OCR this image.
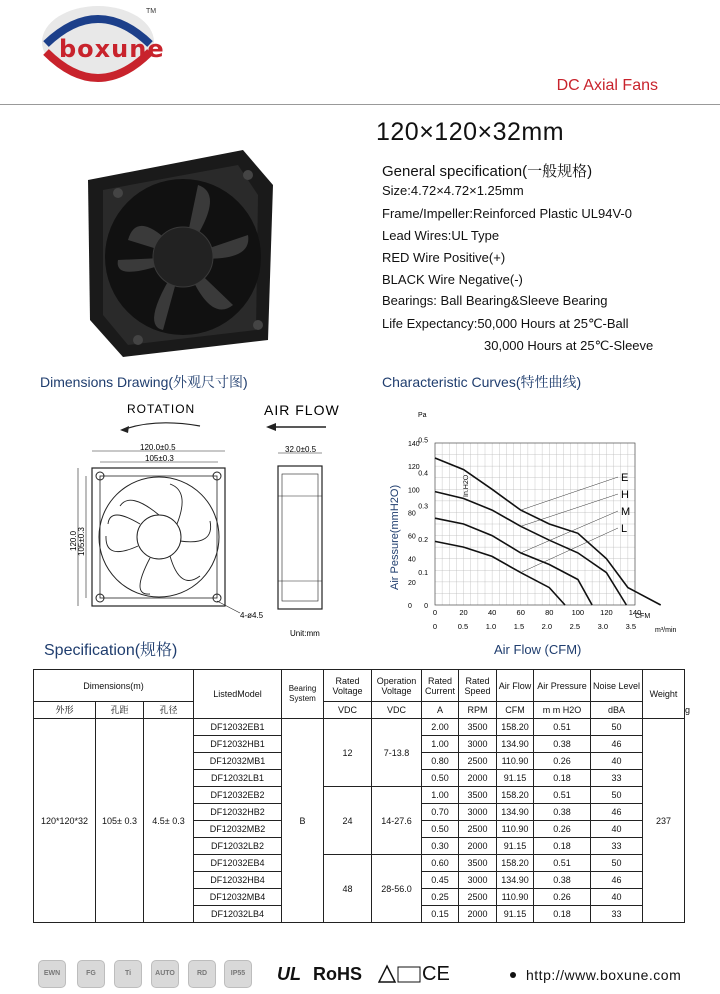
boxune
TM
DC Axial Fans
120×120×32mm
General specification(一般规格)
Size:4.72×4.72×1.25mm
Frame/Impeller:Reinforced Plastic UL94V-0
Lead Wires:UL Type
RED Wire Positive(+)
BLACK Wire Negative(-)
Bearings: Ball Bearing&Sleeve Bearing
Life Expectancy:50,000 Hours at 25℃-Ball
30,000 Hours at 25℃-Sleeve
Dimensions Drawing(外观尺寸图)	Characteristic Curves(特性曲线)
ROTATION	AIR FLOW
120.0±0.5
105±0.3
120.0 105±0.3
4-ø4.5
32.0±0.5
Unit:mm
Pa
In.H2O	E
H
M
L
0
20
40
60
80
100
120
140
0
0.1
0.2
0.3
0.4
0.5
0	20	40	60	80 100 120 140
0	0.5 1.0 1.5 2.0 2.5 3.0 3.5
CFM
m³/min
Air Pessure(mmH2O)
Air Flow (CFM)
Specification(规格)
Dimensions(m)			ListedModel	Bearing System	Rated Voltage	Operation Voltage	Rated Current	Rated Speed	Air Flow	Air Pressure	Noise Level	Weight	
外形	孔距	孔径			VDC	VDC	A	RPM	CFM	m m H2O	dBA		g
120*120*32	105± 0.3	4.5± 0.3	DF12032EB1	B	12	7-13.8	2.00	3500	158.20	0.51	50	237	
			DF12032HB1				1.00	3000	134.90	0.38	46		
			DF12032MB1				0.80	2500	110.90	0.26	40		
			DF12032LB1				0.50	2000	91.15	0.18	33		
			DF12032EB2		24	14-27.6	1.00	3500	158.20	0.51	50		
			DF12032HB2				0.70	3000	134.90	0.38	46		
			DF12032MB2				0.50	2500	110.90	0.26	40		
			DF12032LB2				0.30	2000	91.15	0.18	33		
			DF12032EB4		48	28-56.0	0.60	3500	158.20	0.51	50		
			DF12032HB4				0.45	3000	134.90	0.38	46		
			DF12032MB4				0.25	2500	110.90	0.26	40		
			DF12032LB4				0.15	2000	91.15	0.18	33		
EWN	FG	Ti	AUTO	RD	IP55	UL RoHS	CE	http://www.boxune.com
